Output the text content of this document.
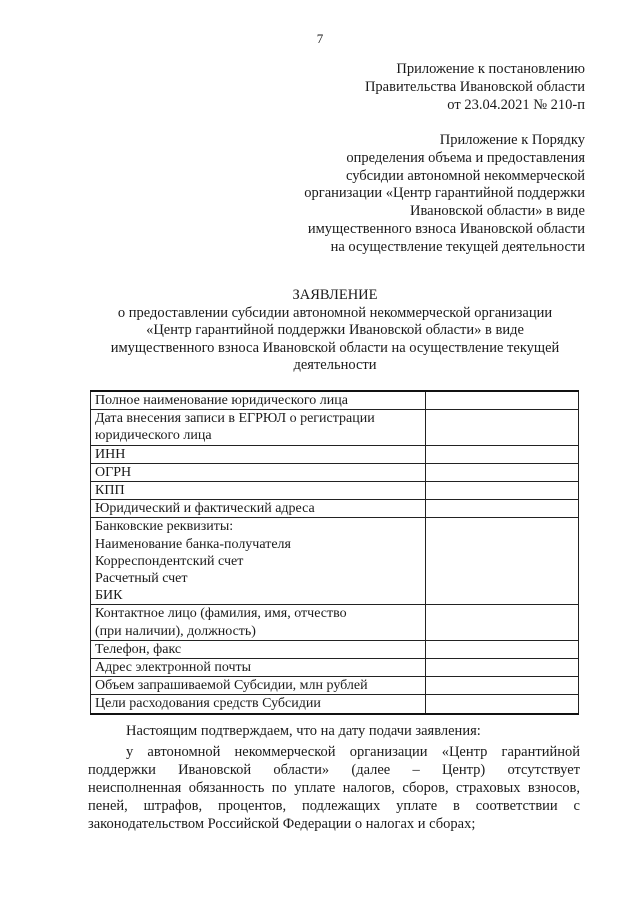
7
Приложение к постановлению
Правительства Ивановской области
от 23.04.2021 № 210-п
Приложение к Порядку
определения объема и предоставления
субсидии автономной некоммерческой
организации «Центр гарантийной поддержки
Ивановской области» в виде
имущественного взноса Ивановской области
на осуществление текущей деятельности
ЗАЯВЛЕНИЕ
о предоставлении субсидии автономной некоммерческой организации
«Центр гарантийной поддержки Ивановской области» в виде
имущественного взноса Ивановской области на осуществление текущей
деятельности
Полное наименование юридического лица	

Дата внесения записи в ЕГРЮЛ о регистрации
юридического лица	

ИНН	

ОГРН	

КПП	

Юридический и фактический адреса	

Банковские реквизиты:
Наименование банка-получателя
Корреспондентский счет
Расчетный счет
БИК	

Контактное лицо (фамилия, имя, отчество
(при наличии), должность)	

Телефон, факс	

Адрес электронной почты	

Объем запрашиваемой Субсидии, млн рублей	

Цели расходования средств Субсидии	

Настоящим подтверждаем, что на дату подачи заявления:
у автономной некоммерческой организации «Центр гарантийной
поддержки Ивановской области» (далее – Центр) отсутствует
неисполненная обязанность по уплате налогов, сборов, страховых взносов,
пеней, штрафов, процентов, подлежащих уплате в соответствии с
законодательством Российской Федерации о налогах и сборах;
